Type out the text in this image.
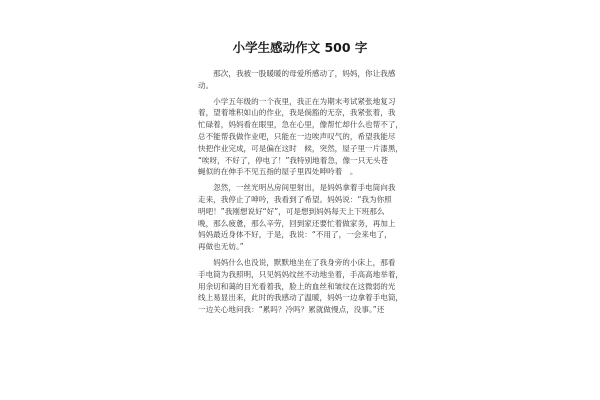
小学生感动作文 500 字
　　那次，我被一股暖暖的母爱所感动了，妈妈，你让我感
动。
　　小学五年级的一个夜里，我正在为期末考试紧张地复习
着，望着堆积如山的作业，我是倘豁的无奈，我紧张着，我
忙碌着，妈妈看在眼里，急在心里，像帮忙却什么也帮不了，
总不能帮我做作业吧，只能在一边唉声叹气的，希望我能尽
快把作业完成，可是偏在这时　候，突然，屋子里一片漆黑，
“唉呀，不好了，停电了！”我特别地着急，像一只无头苍
蝇似的在伸手不见五指的屋子里四处呻吟着　。
　　忽然，一丝光明丛房间里射出，是妈妈拿着手电筒向我
走来，我停止了呻吟，我看到了希望。妈妈说：“我为你照
明吧！”我刚想说好“好”，可是想到妈妈每天上下班那么
晚，那么疲惫，那么辛劳，回到家还要忙着做家务，再加上
妈妈最近身体不好，于是，我说：“不用了，一会来电了，
再做也无妨。”
　　妈妈什么也没说，默默地坐在了我身旁的小床上，那看
手电筒为我照明，只见妈妈纹丝不动地坐着，手高高地举着，
用余切和蔼的目光看着我，脸上的血丝和皱纹在这微弱的光
线上易显出来，此时的我感动了温暖，妈妈一边拿着手电筒，
一边关心地问我：“累吗？冷吗？累就做慢点，没事。”还
